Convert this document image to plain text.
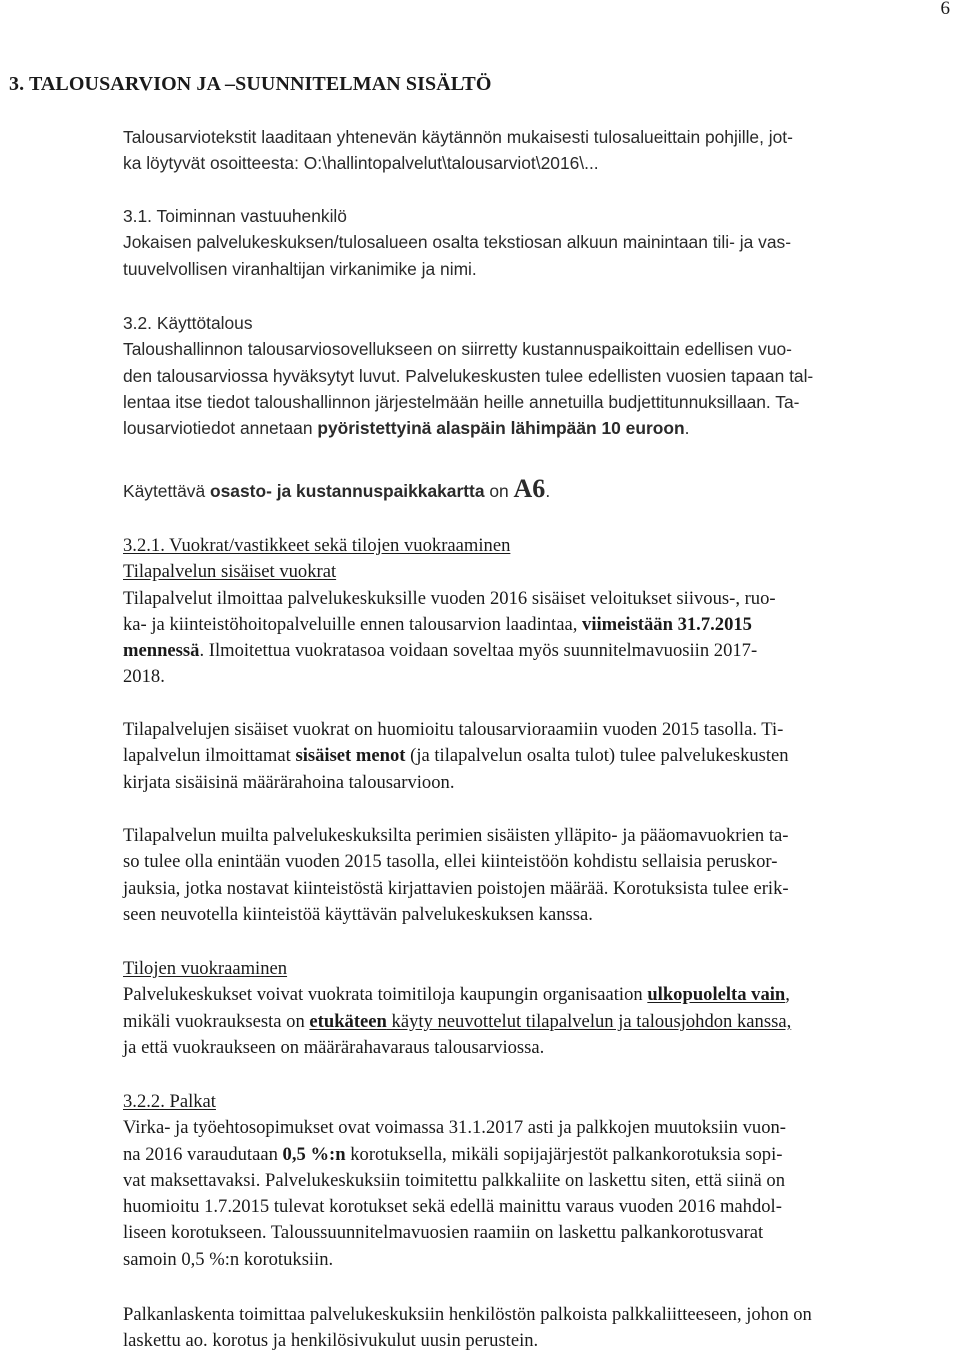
6
3. TALOUSARVION JA –SUUNNITELMAN SISÄLTÖ
Talousarviotekstit laaditaan yhtenevän käytännön mukaisesti tulosalueittain pohjille, jot-
ka löytyvät osoitteesta: O:\hallintopalvelut\talousarviot\2016\...
3.1. Toiminnan vastuuhenkilö
Jokaisen palvelukeskuksen/tulosalueen osalta tekstiosan alkuun mainintaan tili- ja vas-
tuuvelvollisen viranhaltijan virkanimike ja nimi.
3.2. Käyttötalous
Taloushallinnon talousarviosovellukseen on siirretty kustannuspaikoittain edellisen vuo-
den talousarviossa hyväksytyt luvut. Palvelukeskusten tulee edellisten vuosien tapaan tal-
lentaa itse tiedot taloushallinnon järjestelmään heille annetuilla budjettitunnuksillaan. Ta-
lousarviotiedot annetaan pyöristettyinä alaspäin lähimpään 10 euroon.
Käytettävä osasto- ja kustannuspaikkakartta on A6.
3.2.1. Vuokrat/vastikkeet sekä tilojen vuokraaminen
Tilapalvelun sisäiset vuokrat
Tilapalvelut ilmoittaa palvelukeskuksille vuoden 2016 sisäiset veloitukset siivous-, ruo-
ka- ja kiinteistöhoitopalveluille ennen talousarvion laadintaa, viimeistään 31.7.2015
mennessä. Ilmoitettua vuokratasoa voidaan soveltaa myös suunnitelmavuosiin 2017-
2018.
Tilapalvelujen sisäiset vuokrat on huomioitu talousarvioraamiin vuoden 2015 tasolla. Ti-
lapalvelun ilmoittamat sisäiset menot (ja tilapalvelun osalta tulot) tulee palvelukeskusten
kirjata sisäisinä määrärahoina talousarvioon.
Tilapalvelun muilta palvelukeskuksilta perimien sisäisten ylläpito- ja pääomavuokrien ta-
so tulee olla enintään vuoden 2015 tasolla, ellei kiinteistöön kohdistu sellaisia peruskor-
jauksia, jotka nostavat kiinteistöstä kirjattavien poistojen määrää. Korotuksista tulee erik-
seen neuvotella kiinteistöä käyttävän palvelukeskuksen kanssa.
Tilojen vuokraaminen
Palvelukeskukset voivat vuokrata toimitiloja kaupungin organisaation ulkopuolelta vain,
mikäli vuokrauksesta on etukäteen käyty neuvottelut tilapalvelun ja talousjohdon kanssa,
ja että vuokraukseen on määrärahavaraus talousarviossa.
3.2.2. Palkat
Virka- ja työehtosopimukset ovat voimassa 31.1.2017 asti ja palkkojen muutoksiin vuon-
na 2016 varaudutaan 0,5 %:n korotuksella, mikäli sopijajärjestöt palkankorotuksia sopi-
vat maksettavaksi. Palvelukeskuksiin toimitettu palkkaliite on laskettu siten, että siinä on
huomioitu 1.7.2015 tulevat korotukset sekä edellä mainittu varaus vuoden 2016 mahdol-
liseen korotukseen. Taloussuunnitelmavuosien raamiin on laskettu palkankorotusvarat
samoin 0,5 %:n korotuksiin.
Palkanlaskenta toimittaa palvelukeskuksiin henkilöstön palkoista palkkaliitteeseen, johon on
laskettu ao. korotus ja henkilösivukulut uusin perustein.
